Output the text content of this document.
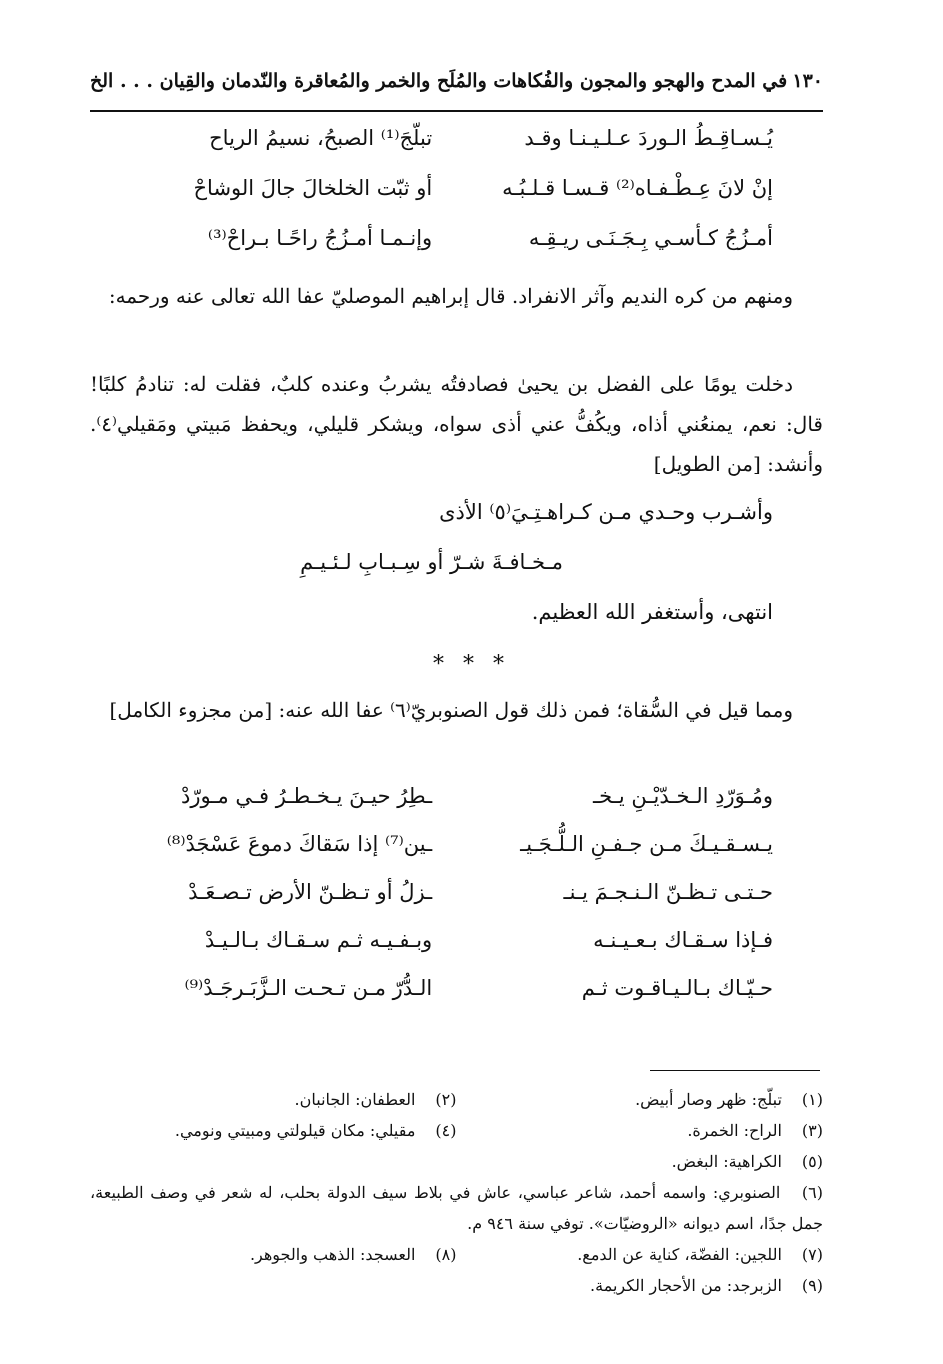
١٣٠
في المدح والهجو والمجون والفُكاهات والمُلَح والخمر والمُعاقرة والنّدمان والقِيان . . . الخ
يُـسـاقِـطُ الـوردَ عـلـيـنـا وقـد
تبلّجَ⁽¹⁾ الصبحُ، نسيمُ الرياح
إنْ لانَ عِـطْـفـاه⁽²⁾ قـسـا قـلـبُـه
أو ثبّت الخلخالَ جالَ الوشاحْ
أمـزُجُ كـأسـي بِـجَـنَـى ريـقِـه
وإنـمـا أمـزُجُ راحًـا بـراحْ⁽³⁾

ومنهم من كره النديم وآثر الانفراد. قال إبراهيم الموصليّ عفا الله تعالى عنه ورحمه:

دخلت يومًا على الفضل بن يحيىٰ فصادفتُه يشربُ وعنده كلبٌ، فقلت له: تنادمُ كلبًا! قال: نعم، يمنعُني أذاه، ويكُفُّ عني أذى سواه، ويشكر قليلي، ويحفظ مَبيتي ومَقيلي⁽٤⁾. وأنشد: [من الطويل]

وأشـرب وحـدي مـن كـراهـتِـيَ⁽٥⁾ الأذى
مـخـافـةَ شـرّ أو سِـبـابِ لـئـيـمِ
انتهى، وأستغفر الله العظيم.
* * *

ومما قيل في السُّقاة؛ فمن ذلك قول الصنوبريّ⁽٦⁾ عفا الله عنه: [من مجزوء الكامل]

ومُـوَرّدِ الـخـدّيْـنِ يـخـ
ـطِرُ حيـنَ يـخـطـرُ فـي مـورّدْ
يـسـقـيـكَ مـن جـفـنِ الـلُّـجَـيـ
ـين⁽⁷⁾ إذا سَقاكَ دموعَ عَسْجَدْ⁽⁸⁾
حـتـى تـظـنّ الـنـجـمَ يـنـ
ـزلُ أو تـظـنّ الأرض تـصـعَـدْ
فـإذا سـقـاك بـعـيـنـه
وبـفـيـه ثـم سـقـاك بـالـيـدْ
حـيّـاك بـالـيـاقـوت ثـم
الـدُّرّ مـن تـحـت الـزَّبَـرجَـدْ⁽⁹⁾
(١) تبلّج: ظهر وصار أبيض.
(٢) العطفان: الجانبان.
(٣) الراح: الخمرة.
(٤) مقيلي: مكان قيلولتي ومبيتي ونومي.
(٥) الكراهية: البغض.
(٦) الصنوبري: واسمه أحمد، شاعر عباسي، عاش في بلاط سيف الدولة بحلب، له شعر في وصف الطبيعة، جمل جدًا، اسم ديوانه «الروضيّات». توفي سنة ٩٤٦ م.
(٧) اللجين: الفضّة، كناية عن الدمع.
(٨) العسجد: الذهب والجوهر.
(٩) الزبرجد: من الأحجار الكريمة.
